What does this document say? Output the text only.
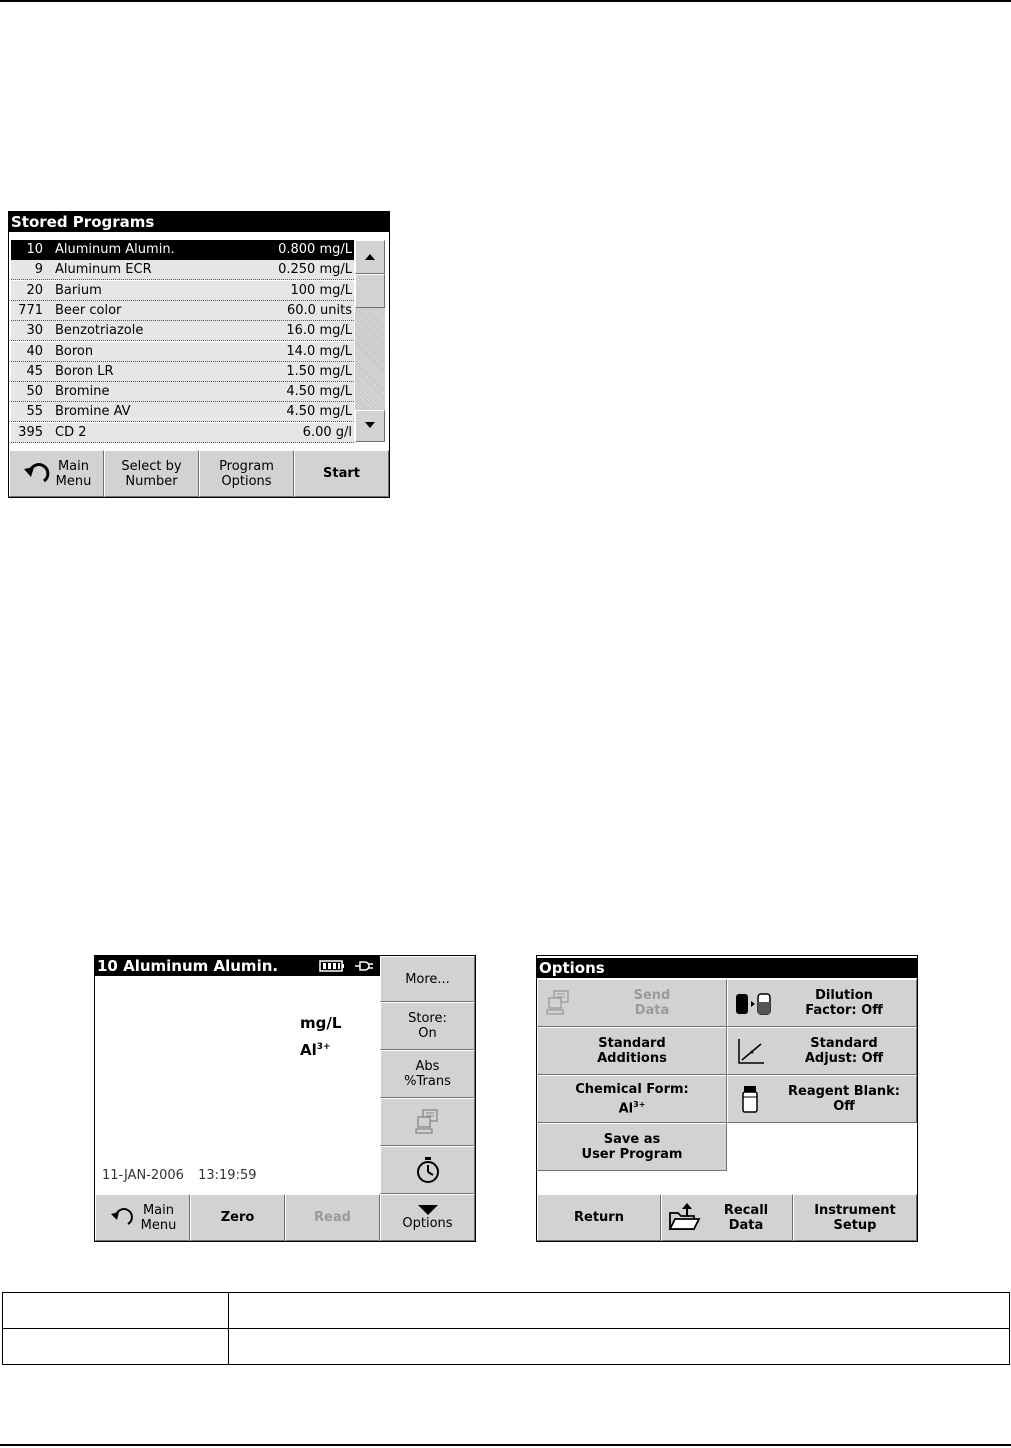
Stored Programs
10 Aluminum Alumin.	0.800 mg/L
9 Aluminum ECR	0.250 mg/L
20 Barium	100 mg/L
771 Beer color	60.0 units
30 Benzotriazole	16.0 mg/L
40 Boron	14.0 mg/L
45 Boron LR	1.50 mg/L
50 Bromine	4.50 mg/L
55 Bromine AV	4.50 mg/L
395 CD 2	6.00 g/l
Main
Menu
Select by
Number
Program
Options	Start
10 Aluminum Alumin.
mg/L
$Al^{3+}$
11-JAN-2006 13:19:59
More...
Store:
On
Abs
%Trans
Main
Menu	Zero	Read	Options
Options
Send
Data
Dilution
Factor: Off
Standard
Additions
Standard
Adjust: Off
Chemical Form:
$Al^{3+}$
Reagent Blank:
Off
Save as
User Program
Return	Recall
Data
Instrument
Setup
